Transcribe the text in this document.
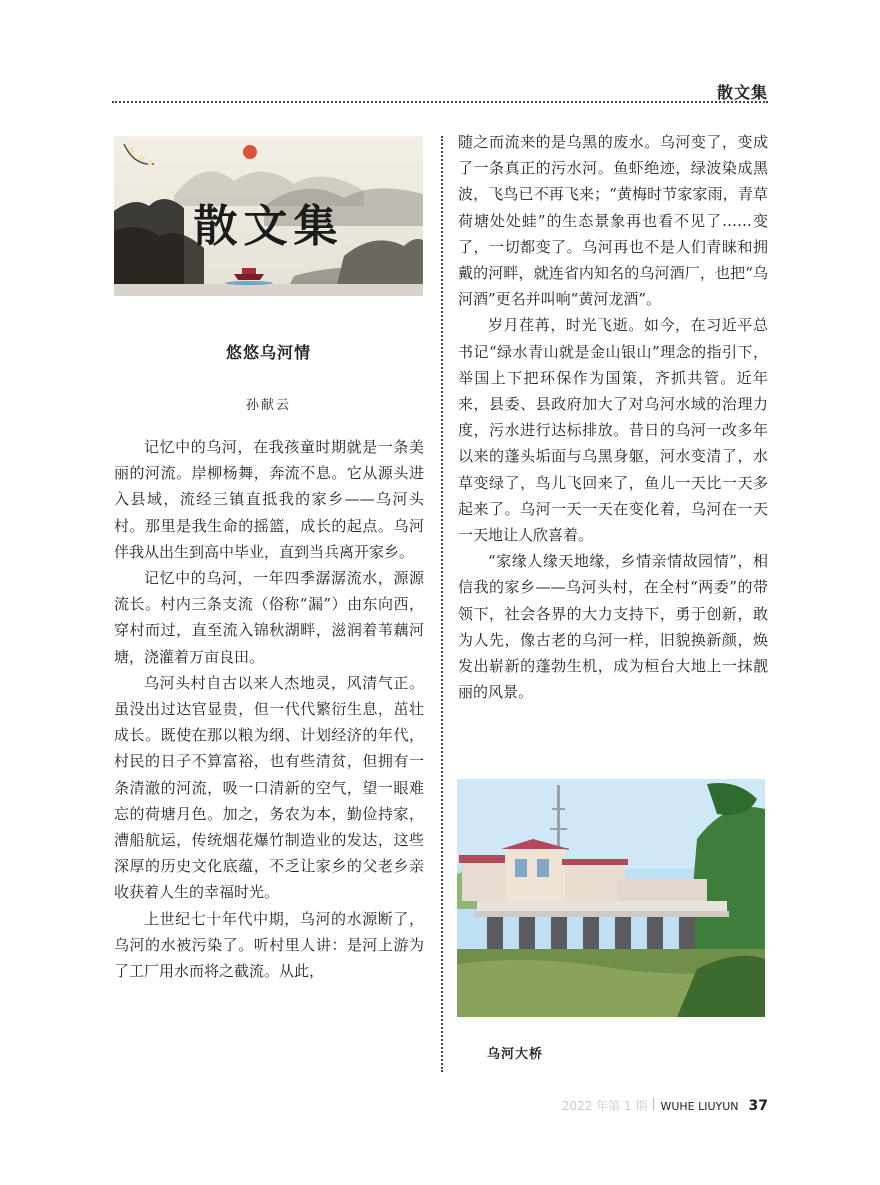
散文集
散文集
悠悠乌河情
孙献云

记忆中的乌河，在我孩童时期就是一条美丽的河流。岸柳杨舞，奔流不息。它从源头进入县域，流经三镇直抵我的家乡——乌河头村。那里是我生命的摇篮，成长的起点。乌河伴我从出生到高中毕业，直到当兵离开家乡。

记忆中的乌河，一年四季潺潺流水，源源流长。村内三条支流（俗称“漏”）由东向西，穿村而过，直至流入锦秋湖畔，滋润着苇藕河塘，浇灌着万亩良田。

乌河头村自古以来人杰地灵，风清气正。虽没出过达官显贵，但一代代繁衍生息，茁壮成长。既使在那以粮为纲、计划经济的年代，村民的日子不算富裕，也有些清贫，但拥有一条清澈的河流，吸一口清新的空气，望一眼难忘的荷塘月色。加之，务农为本，勤俭持家，漕船航运，传统烟花爆竹制造业的发达，这些深厚的历史文化底蕴，不乏让家乡的父老乡亲收获着人生的幸福时光。

上世纪七十年代中期，乌河的水源断了，乌河的水被污染了。听村里人讲：是河上游为了工厂用水而将之截流。从此，

随之而流来的是乌黑的废水。乌河变了，变成了一条真正的污水河。鱼虾绝迹，绿波染成黑波，飞鸟已不再飞来；“黄梅时节家家雨，青草荷塘处处蛙”的生态景象再也看不见了……变了，一切都变了。乌河再也不是人们青睐和拥戴的河畔，就连省内知名的乌河酒厂，也把“乌河酒”更名并叫响“黄河龙酒”。

岁月荏苒，时光飞逝。如今，在习近平总书记“绿水青山就是金山银山”理念的指引下，举国上下把环保作为国策，齐抓共管。近年来，县委、县政府加大了对乌河水域的治理力度，污水进行达标排放。昔日的乌河一改多年以来的蓬头垢面与乌黑身躯，河水变清了，水草变绿了，鸟儿飞回来了，鱼儿一天比一天多起来了。乌河一天一天在变化着，乌河在一天一天地让人欣喜着。

“家缘人缘天地缘，乡情亲情故园情”，相信我的家乡——乌河头村，在全村“两委”的带领下，社会各界的大力支持下，勇于创新，敢为人先，像古老的乌河一样，旧貌换新颜，焕发出崭新的蓬勃生机，成为桓台大地上一抹靓丽的风景。

乌河大桥
2022 年第 1 期 WUHE LIUYUN 37
